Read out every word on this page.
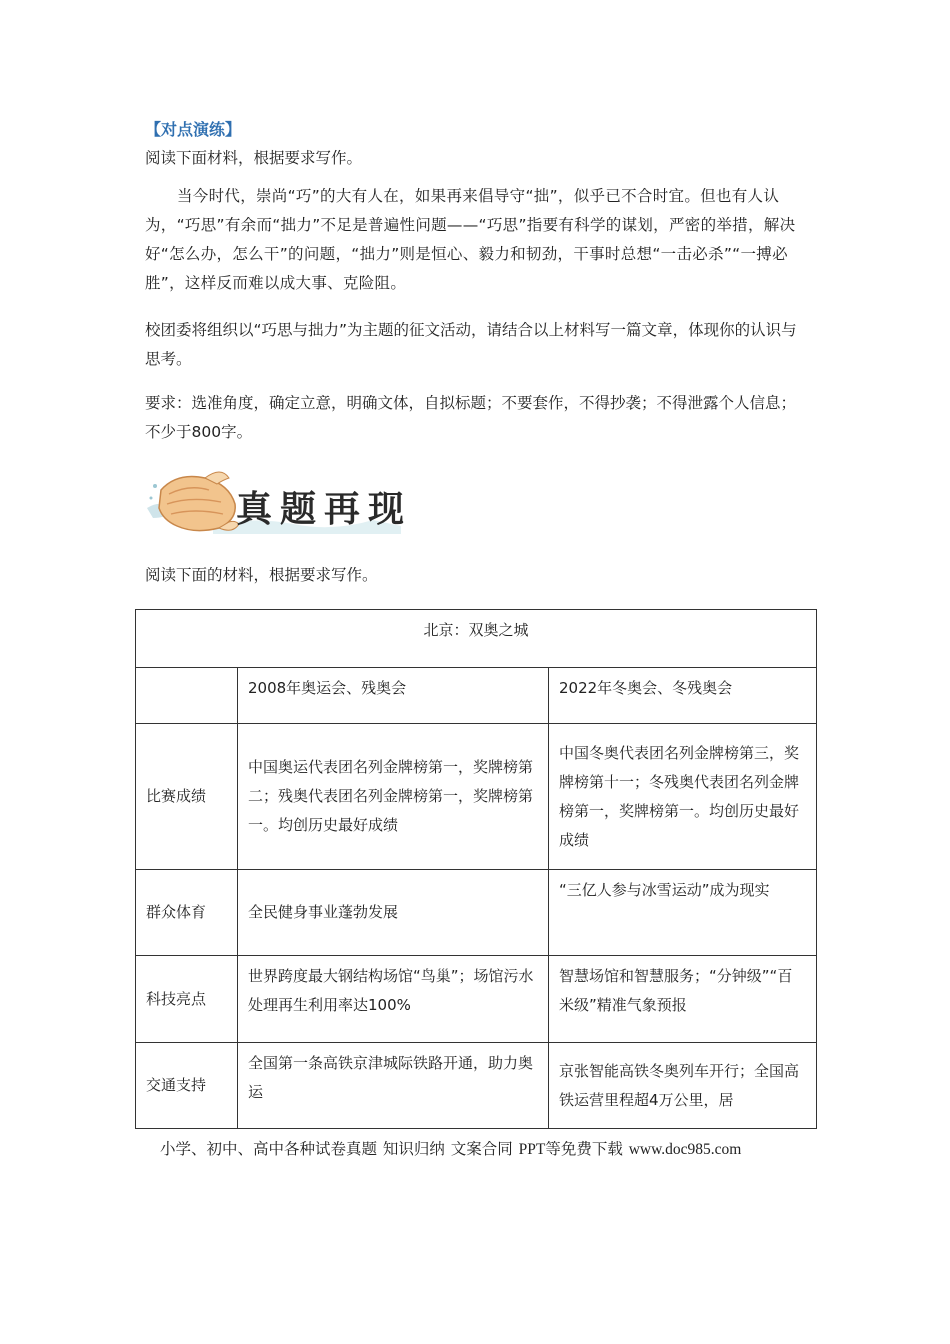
【对点演练】
阅读下面材料，根据要求写作。
当今时代，崇尚“巧”的大有人在，如果再来倡导守“拙”，似乎已不合时宜。但也有人认为，“巧思”有余而“拙力”不足是普遍性问题——“巧思”指要有科学的谋划，严密的举措，解决好“怎么办，怎么干”的问题，“拙力”则是恒心、毅力和韧劲，干事时总想“一击必杀”“一搏必胜”，这样反而难以成大事、克险阻。
校团委将组织以“巧思与拙力”为主题的征文活动，请结合以上材料写一篇文章，体现你的认识与思考。
要求：选准角度，确定立意，明确文体，自拟标题；不要套作，不得抄袭；不得泄露个人信息；不少于800字。
真题再现
阅读下面的材料，根据要求写作。
北京：双奥之城		
	2008年奥运会、残奥会	2022年冬奥会、冬残奥会
比赛成绩	中国奥运代表团名列金牌榜第一，奖牌榜第二；残奥代表团名列金牌榜第一，奖牌榜第一。均创历史最好成绩	中国冬奥代表团名列金牌榜第三，奖牌榜第十一；冬残奥代表团名列金牌榜第一，奖牌榜第一。均创历史最好成绩
群众体育	全民健身事业蓬勃发展	“三亿人参与冰雪运动”成为现实
科技亮点	世界跨度最大钢结构场馆“鸟巢”；场馆污水处理再生利用率达100%	智慧场馆和智慧服务；“分钟级”“百米级”精准气象预报
交通支持	全国第一条高铁京津城际铁路开通，助力奥运	京张智能高铁冬奥列车开行；全国高铁运营里程超4万公里，居
小学、初中、高中各种试卷真题 知识归纳 文案合同 PPT等免费下载 www.doc985.com
